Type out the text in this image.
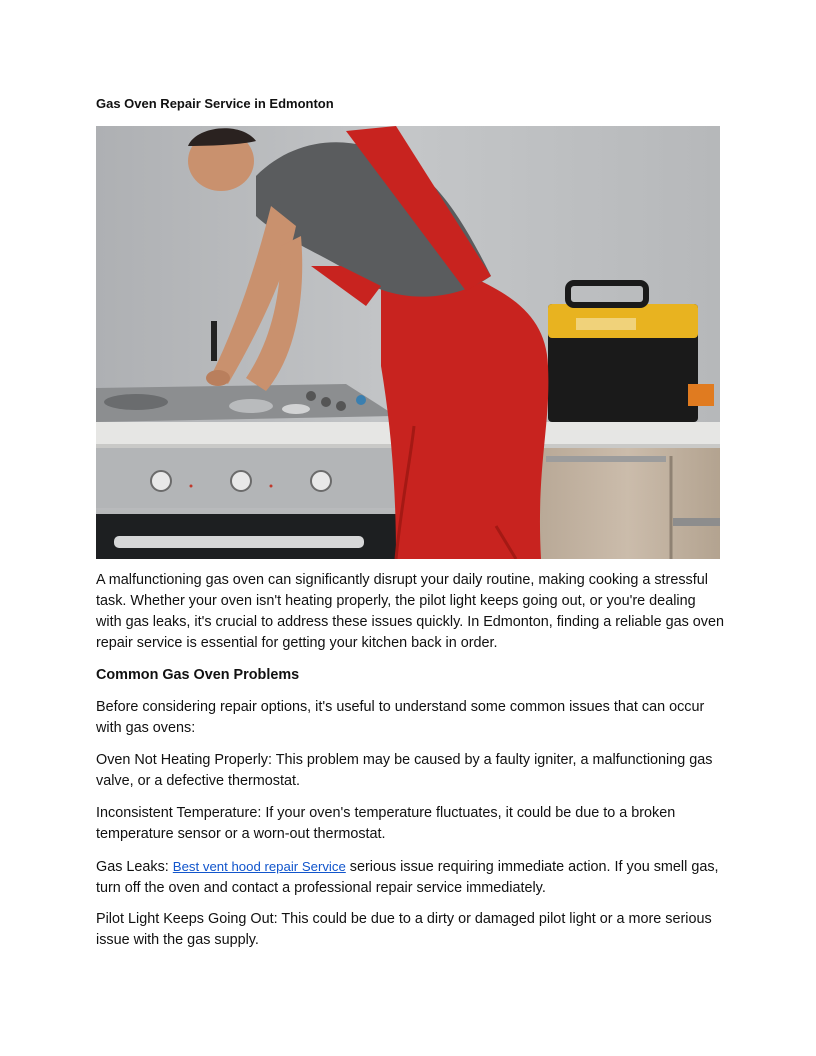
Gas Oven Repair Service in Edmonton

A malfunctioning gas oven can significantly disrupt your daily routine, making cooking a stressful task. Whether your oven isn't heating properly, the pilot light keeps going out, or you're dealing with gas leaks, it's crucial to address these issues quickly. In Edmonton, finding a reliable gas oven repair service is essential for getting your kitchen back in order.

Common Gas Oven Problems

Before considering repair options, it's useful to understand some common issues that can occur with gas ovens:

Oven Not Heating Properly: This problem may be caused by a faulty igniter, a malfunctioning gas valve, or a defective thermostat.

Inconsistent Temperature: If your oven's temperature fluctuates, it could be due to a broken temperature sensor or a worn-out thermostat.

Gas Leaks: Best vent hood repair Service serious issue requiring immediate action. If you smell gas, turn off the oven and contact a professional repair service immediately.

Pilot Light Keeps Going Out: This could be due to a dirty or damaged pilot light or a more serious issue with the gas supply.
